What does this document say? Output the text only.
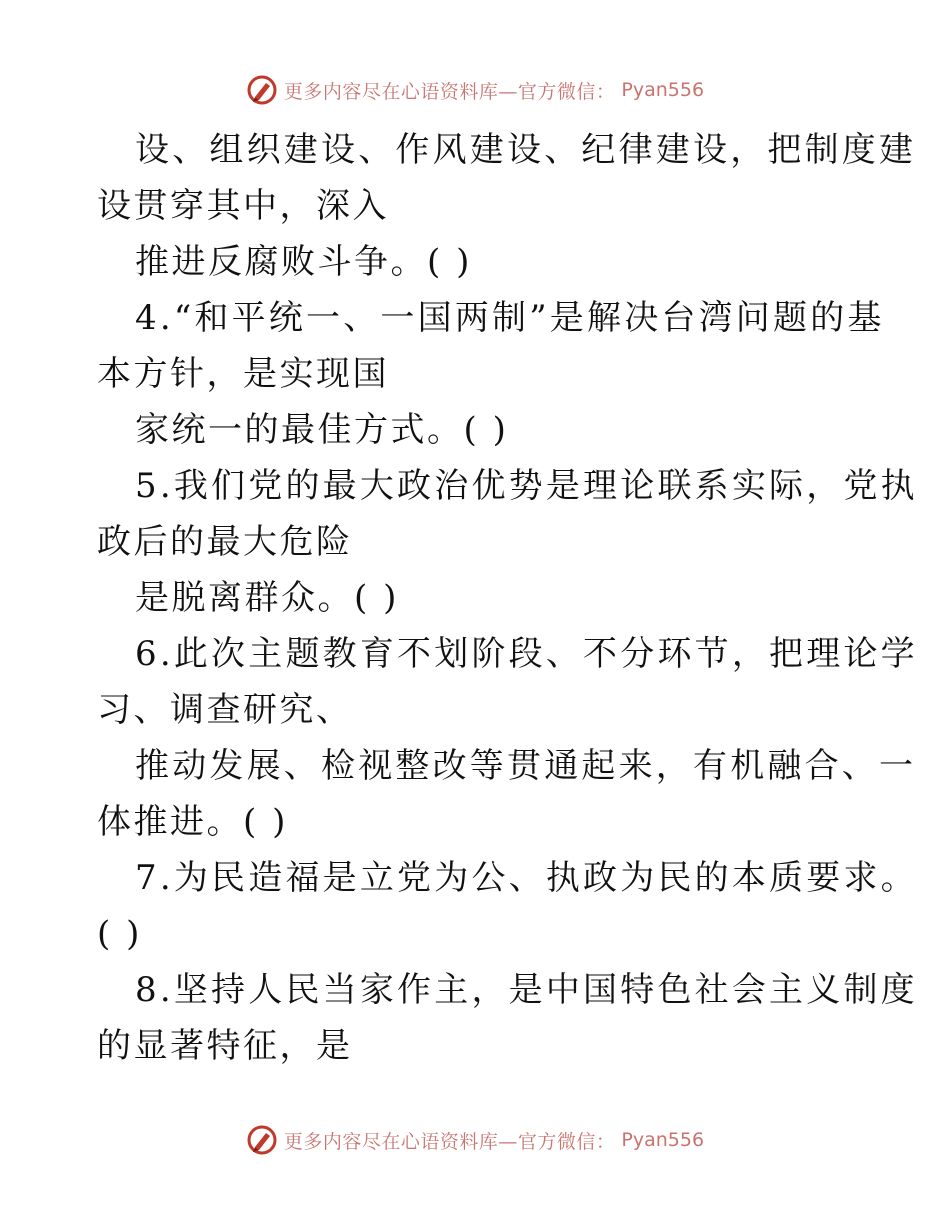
更多内容尽在心语资料库—官方微信： Pyan556
设、组织建设、作风建设、纪律建设，把制度建
设贯穿其中，深入
推进反腐败斗争。( )
4.“和平统一、一国两制”是解决台湾问题的基
本方针，是实现国
家统一的最佳方式。( )
5.我们党的最大政治优势是理论联系实际，党执
政后的最大危险
是脱离群众。( )
6.此次主题教育不划阶段、不分环节，把理论学
习、调查研究、
推动发展、检视整改等贯通起来，有机融合、一
体推进。( )
7.为民造福是立党为公、执政为民的本质要求。
( )
8.坚持人民当家作主，是中国特色社会主义制度
的显著特征，是
更多内容尽在心语资料库—官方微信： Pyan556
